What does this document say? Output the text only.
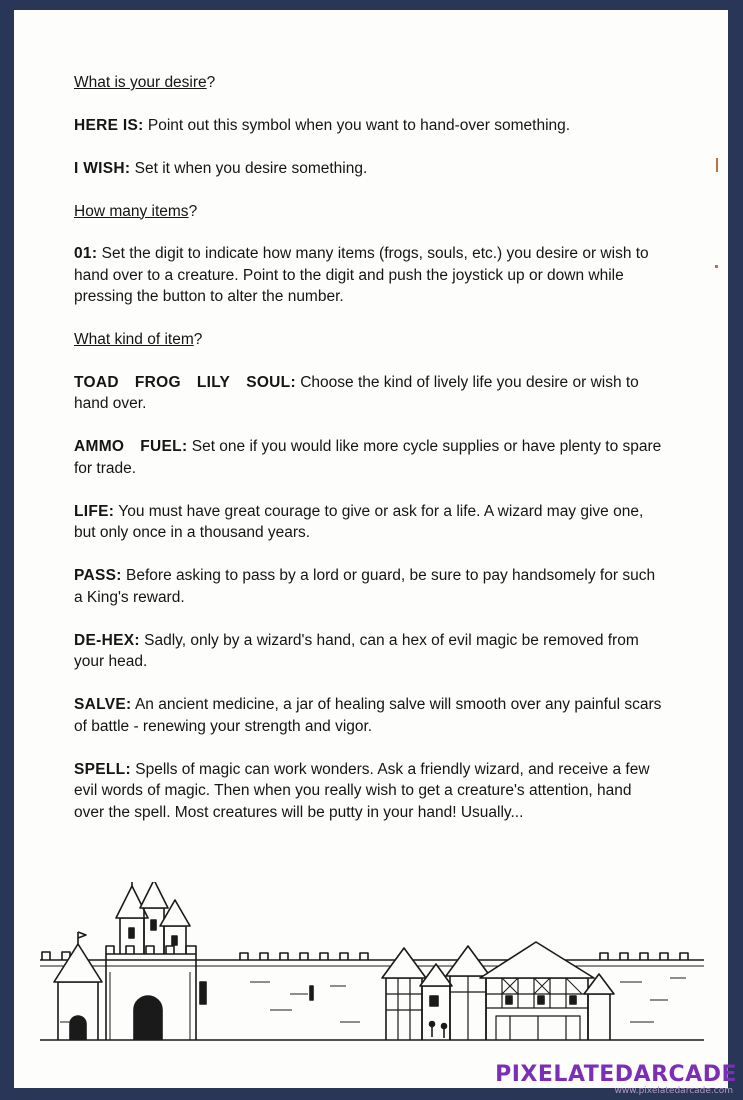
What is your desire?
HERE IS: Point out this symbol when you want to hand-over something.
I WISH: Set it when you desire something.
How many items?
01: Set the digit to indicate how many items (frogs, souls, etc.) you desire or wish to hand over to a creature. Point to the digit and push the joystick up or down while pressing the button to alter the number.
What kind of item?
TOAD FROG LILY SOUL: Choose the kind of lively life you desire or wish to hand over.
AMMO FUEL: Set one if you would like more cycle supplies or have plenty to spare for trade.
LIFE: You must have great courage to give or ask for a life. A wizard may give one, but only once in a thousand years.
PASS: Before asking to pass by a lord or guard, be sure to pay handsomely for such a King's reward.
DE-HEX: Sadly, only by a wizard's hand, can a hex of evil magic be removed from your head.
SALVE: An ancient medicine, a jar of healing salve will smooth over any painful scars of battle - renewing your strength and vigor.
SPELL: Spells of magic can work wonders. Ask a friendly wizard, and receive a few evil words of magic. Then when you really wish to get a creature's attention, hand over the spell. Most creatures will be putty in your hand! Usually...
PIXELATEDARCADE
www.pixelatedarcade.com
